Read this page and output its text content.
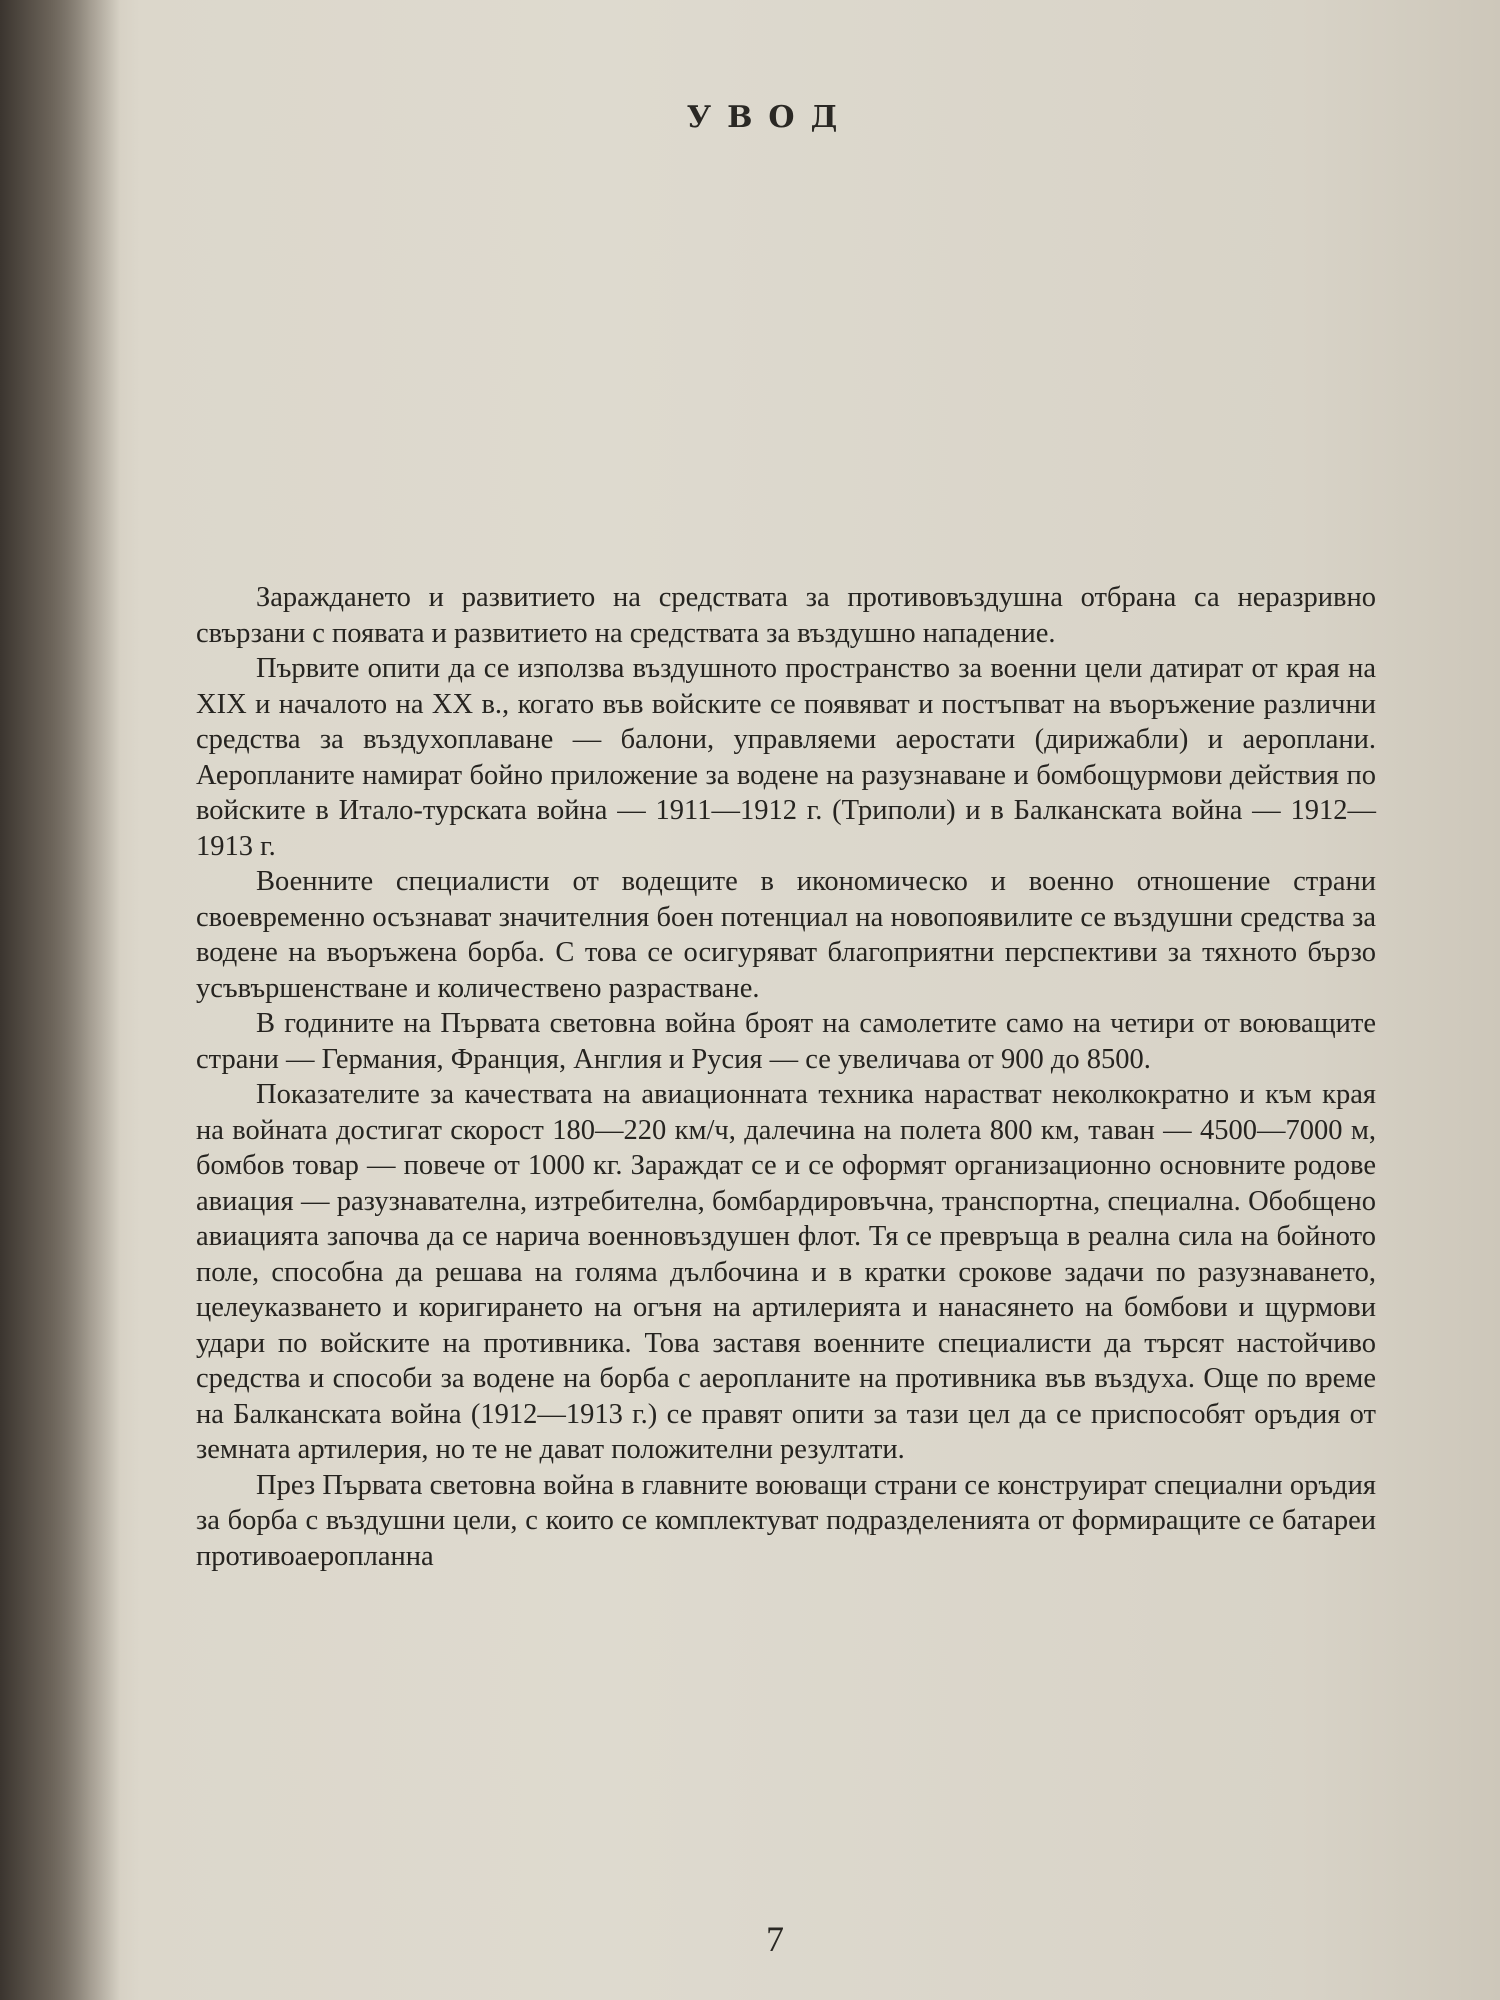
УВОД

Зараждането и развитието на средствата за противовъздушна отбрана са неразривно свързани с появата и развитието на средствата за въздушно нападение.

Първите опити да се използва въздушното пространство за военни цели датират от края на XIX и началото на XX в., когато във войските се появяват и постъпват на въоръжение различни средства за въздухоплаване — балони, управляеми аеростати (дирижабли) и аероплани. Аеропланите намират бойно приложение за водене на разузнаване и бомбощурмови действия по войските в Итало-турската война — 1911—1912 г. (Триполи) и в Балканската война — 1912—1913 г.

Военните специалисти от водещите в икономическо и военно отношение страни своевременно осъзнават значителния боен потенциал на новопоявилите се въздушни средства за водене на въоръжена борба. С това се осигуряват благоприятни перспективи за тяхното бързо усъвършенстване и количествено разрастване.

В годините на Първата световна война броят на самолетите само на четири от воюващите страни — Германия, Франция, Англия и Русия — се увеличава от 900 до 8500.

Показателите за качествата на авиационната техника нарастват неколкократно и към края на войната достигат скорост 180—220 км/ч, далечина на полета 800 км, таван — 4500—7000 м, бомбов товар — повече от 1000 кг. Зараждат се и се оформят организационно основните родове авиация — разузнавателна, изтребителна, бомбардировъчна, транспортна, специална. Обобщено авиацията започва да се нарича военновъздушен флот. Тя се превръща в реална сила на бойното поле, способна да решава на голяма дълбочина и в кратки срокове задачи по разузнаването, целеуказването и коригирането на огъня на артилерията и нанасянето на бомбови и щурмови удари по войските на противника. Това заставя военните специалисти да търсят настойчиво средства и способи за водене на борба с аеропланите на противника във въздуха. Още по време на Балканската война (1912—1913 г.) се правят опити за тази цел да се приспособят оръдия от земната артилерия, но те не дават положителни резултати.

През Първата световна война в главните воюващи страни се конструират специални оръдия за борба с въздушни цели, с които се комплектуват подразделенията от формиращите се батареи противоаеропланна

7
